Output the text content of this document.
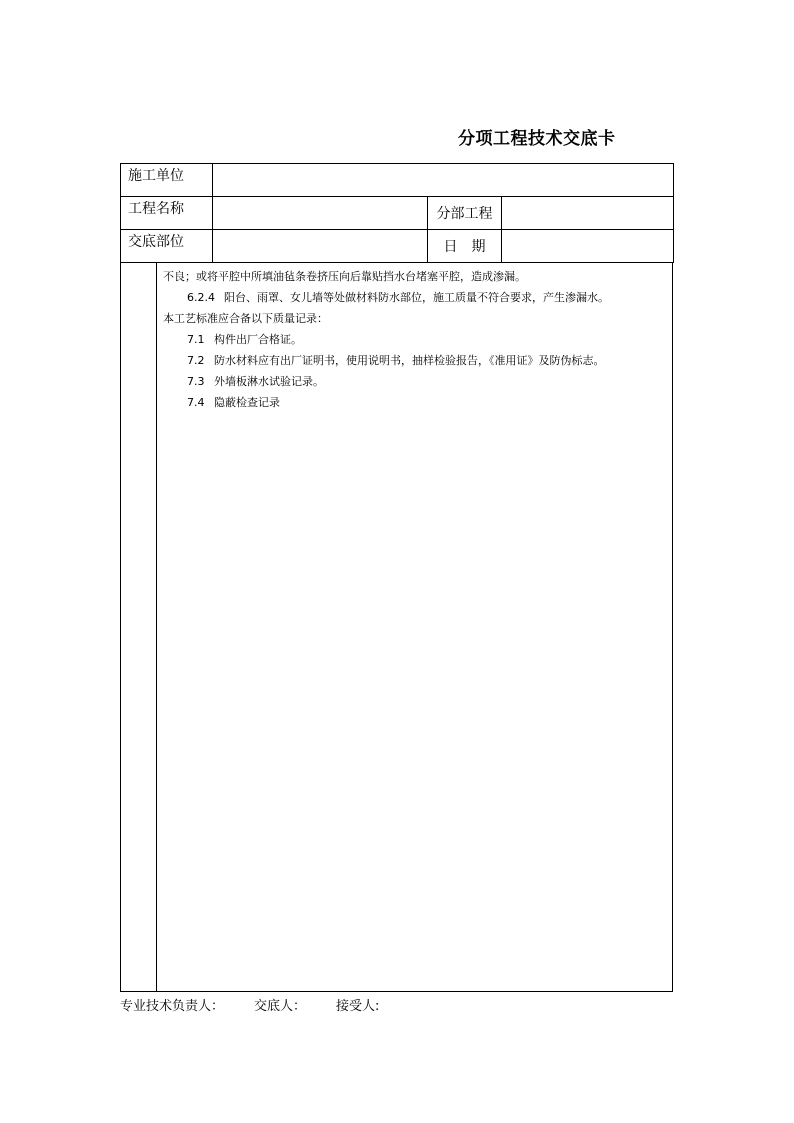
分项工程技术交底卡
施工单位			
工程名称		分部工程	
交底部位		日　期	
不良；或将平腔中所填油毡条卷挤压向后靠贴挡水台堵塞平腔，造成渗漏。
6.2.4 阳台、雨罩、女儿墙等处做材料防水部位，施工质量不符合要求，产生渗漏水。
本工艺标准应合备以下质量记录：
7.1 构件出厂合格证。
7.2 防水材料应有出厂证明书，使用说明书，抽样检验报告，《准用证》及防伪标志。
7.3 外墙板淋水试验记录。
7.4 隐蔽检查记录
专业技术负责人： 交底人： 接受人:
